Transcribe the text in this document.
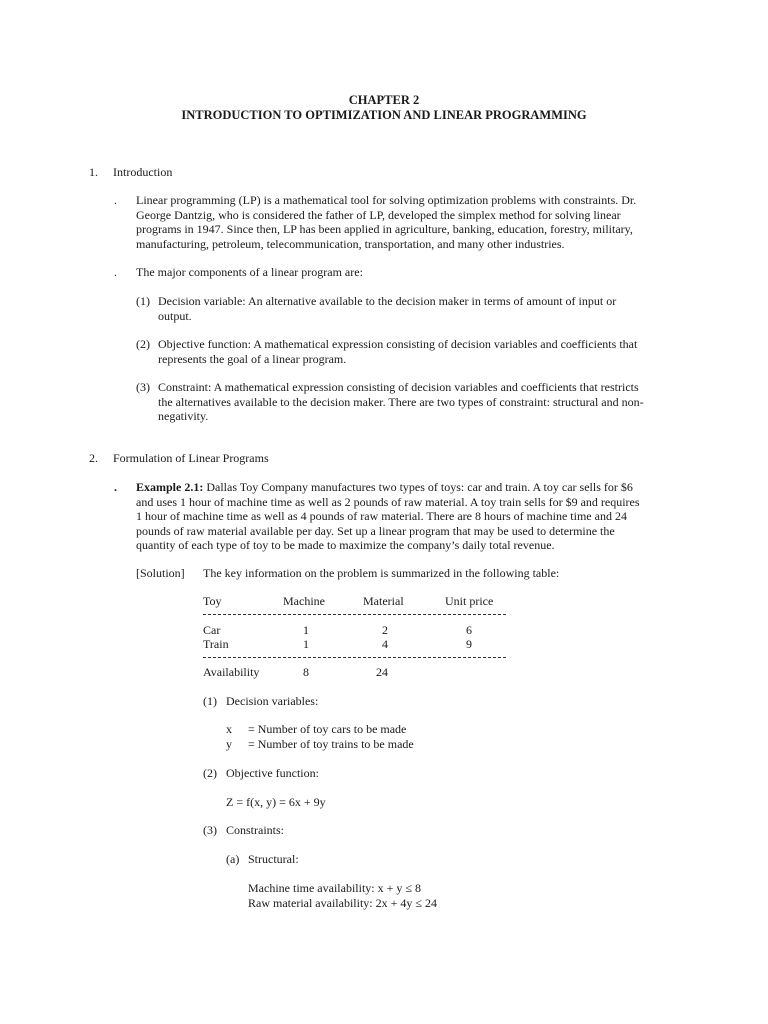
CHAPTER 2
INTRODUCTION TO OPTIMIZATION AND LINEAR PROGRAMMING
1. Introduction
. Linear programming (LP) is a mathematical tool for solving optimization problems with constraints. Dr.
George Dantzig, who is considered the father of LP, developed the simplex method for solving linear
programs in 1947. Since then, LP has been applied in agriculture, banking, education, forestry, military,
manufacturing, petroleum, telecommunication, transportation, and many other industries.
. The major components of a linear program are:
(1) Decision variable: An alternative available to the decision maker in terms of amount of input or
output.
(2) Objective function: A mathematical expression consisting of decision variables and coefficients that
represents the goal of a linear program.
(3) Constraint: A mathematical expression consisting of decision variables and coefficients that restricts
the alternatives available to the decision maker. There are two types of constraint: structural and non-
negativity.
2. Formulation of Linear Programs
. Example 2.1: Dallas Toy Company manufactures two types of toys: car and train. A toy car sells for $6
and uses 1 hour of machine time as well as 2 pounds of raw material. A toy train sells for $9 and requires
1 hour of machine time as well as 4 pounds of raw material. There are 8 hours of machine time and 24
pounds of raw material available per day. Set up a linear program that may be used to determine the
quantity of each type of toy to be made to maximize the company’s daily total revenue.
[Solution] The key information on the problem is summarized in the following table:
Toy	Machine	Material	Unit price
Car	1	2	6
Train	1	4	9
Availability	8	24
(1) Decision variables:
x = Number of toy cars to be made
y = Number of toy trains to be made
(2) Objective function:
Z = f(x, y) = 6x + 9y
(3) Constraints:
(a) Structural:
Machine time availability: x + y ≤ 8
Raw material availability: 2x + 4y ≤ 24
